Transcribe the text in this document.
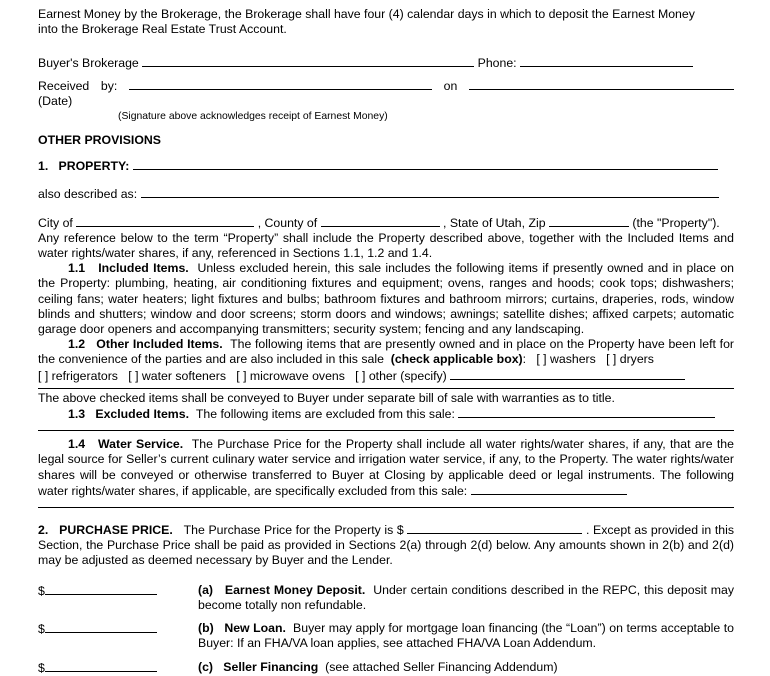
Earnest Money by the Brokerage, the Brokerage shall have four (4) calendar days in which to deposit the Earnest Money
into the Brokerage Real Estate Trust Account.
Buyer's Brokerage	Phone:
Received by:	on  (Date)
(Signature above acknowledges receipt of Earnest Money)
OTHER PROVISIONS
1. PROPERTY:
also described as:
City of	, County of	, State of Utah, Zip	(the "Property").
Any reference below to the term “Property” shall include the Property described above, together with the Included Items and water rights/water shares, if any, referenced in Sections 1.1, 1.2 and 1.4.
1.1 Included Items. Unless excluded herein, this sale includes the following items if presently owned and in place on the Property: plumbing, heating, air conditioning fixtures and equipment; ovens, ranges and hoods; cook tops; dishwashers; ceiling fans; water heaters; light fixtures and bulbs; bathroom fixtures and bathroom mirrors; curtains, draperies, rods, window blinds and shutters; window and door screens; storm doors and windows; awnings; satellite dishes; affixed carpets; automatic garage door openers and accompanying transmitters; security system; fencing and any landscaping.
1.2 Other Included Items. The following items that are presently owned and in place on the Property have been left for the convenience of the parties and are also included in this sale (check applicable box): [ ] washers [ ] dryers
[ ] refrigerators [ ] water softeners [ ] microwave ovens [ ] other (specify)
The above checked items shall be conveyed to Buyer under separate bill of sale with warranties as to title.
1.3 Excluded Items. The following items are excluded from this sale:
1.4 Water Service. The Purchase Price for the Property shall include all water rights/water shares, if any, that are the legal source for Seller’s current culinary water service and irrigation water service, if any, to the Property. The water rights/water shares will be conveyed or otherwise transferred to Buyer at Closing by applicable deed or legal instruments. The following water rights/water shares, if applicable, are specifically excluded from this sale:
2. PURCHASE PRICE. The Purchase Price for the Property is $	. Except as provided in this Section, the Purchase Price shall be paid as provided in Sections 2(a) through 2(d) below. Any amounts shown in 2(b) and 2(d) may be adjusted as deemed necessary by Buyer and the Lender.
$	(a) Earnest Money Deposit. Under certain conditions described in the REPC, this deposit may become totally non refundable.

$	(b) New Loan. Buyer may apply for mortgage loan financing (the “Loan”) on terms acceptable to Buyer: If an FHA/VA loan applies, see attached FHA/VA Loan Addendum.

$	(c) Seller Financing (see attached Seller Financing Addendum)
